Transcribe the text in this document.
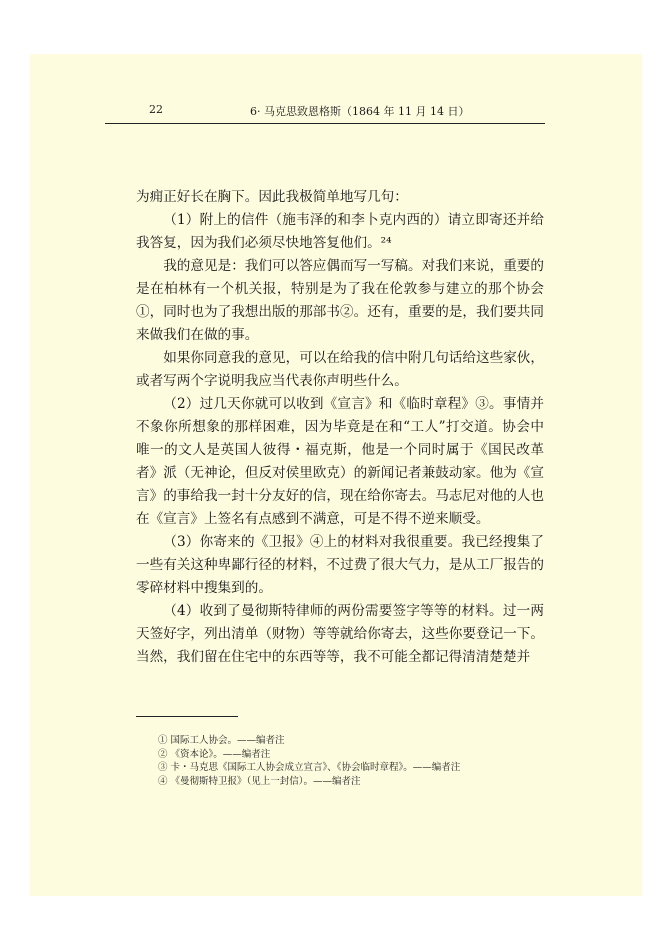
22	6· 马克思致恩格斯（1864 年 11 月 14 日）

为痈正好长在胸下。因此我极简单地写几句：

（1）附上的信件（施韦泽的和李卜克内西的）请立即寄还并给我答复，因为我们必须尽快地答复他们。²⁴

我的意见是：我们可以答应偶而写一写稿。对我们来说，重要的是在柏林有一个机关报，特别是为了我在伦敦参与建立的那个协会①，同时也为了我想出版的那部书②。还有，重要的是，我们要共同来做我们在做的事。

如果你同意我的意见，可以在给我的信中附几句话给这些家伙，或者写两个字说明我应当代表你声明些什么。

（2）过几天你就可以收到《宣言》和《临时章程》③。事情并不象你所想象的那样困难，因为毕竟是在和“工人”打交道。协会中唯一的文人是英国人彼得・福克斯，他是一个同时属于《国民改革者》派（无神论，但反对侯里欧克）的新闻记者兼鼓动家。他为《宣言》的事给我一封十分友好的信，现在给你寄去。马志尼对他的人也在《宣言》上签名有点感到不满意，可是不得不逆来顺受。

（3）你寄来的《卫报》④上的材料对我很重要。我已经搜集了一些有关这种卑鄙行径的材料，不过费了很大气力，是从工厂报告的零碎材料中搜集到的。

（4）收到了曼彻斯特律师的两份需要签字等等的材料。过一两天签好字，列出清单（财物）等等就给你寄去，这些你要登记一下。当然，我们留在住宅中的东西等等，我不可能全都记得清清楚楚并

① 国际工人协会。——编者注
② 《资本论》。——编者注
③ 卡・马克思《国际工人协会成立宣言》、《协会临时章程》。——编者注
④ 《曼彻斯特卫报》（见上一封信）。——编者注
